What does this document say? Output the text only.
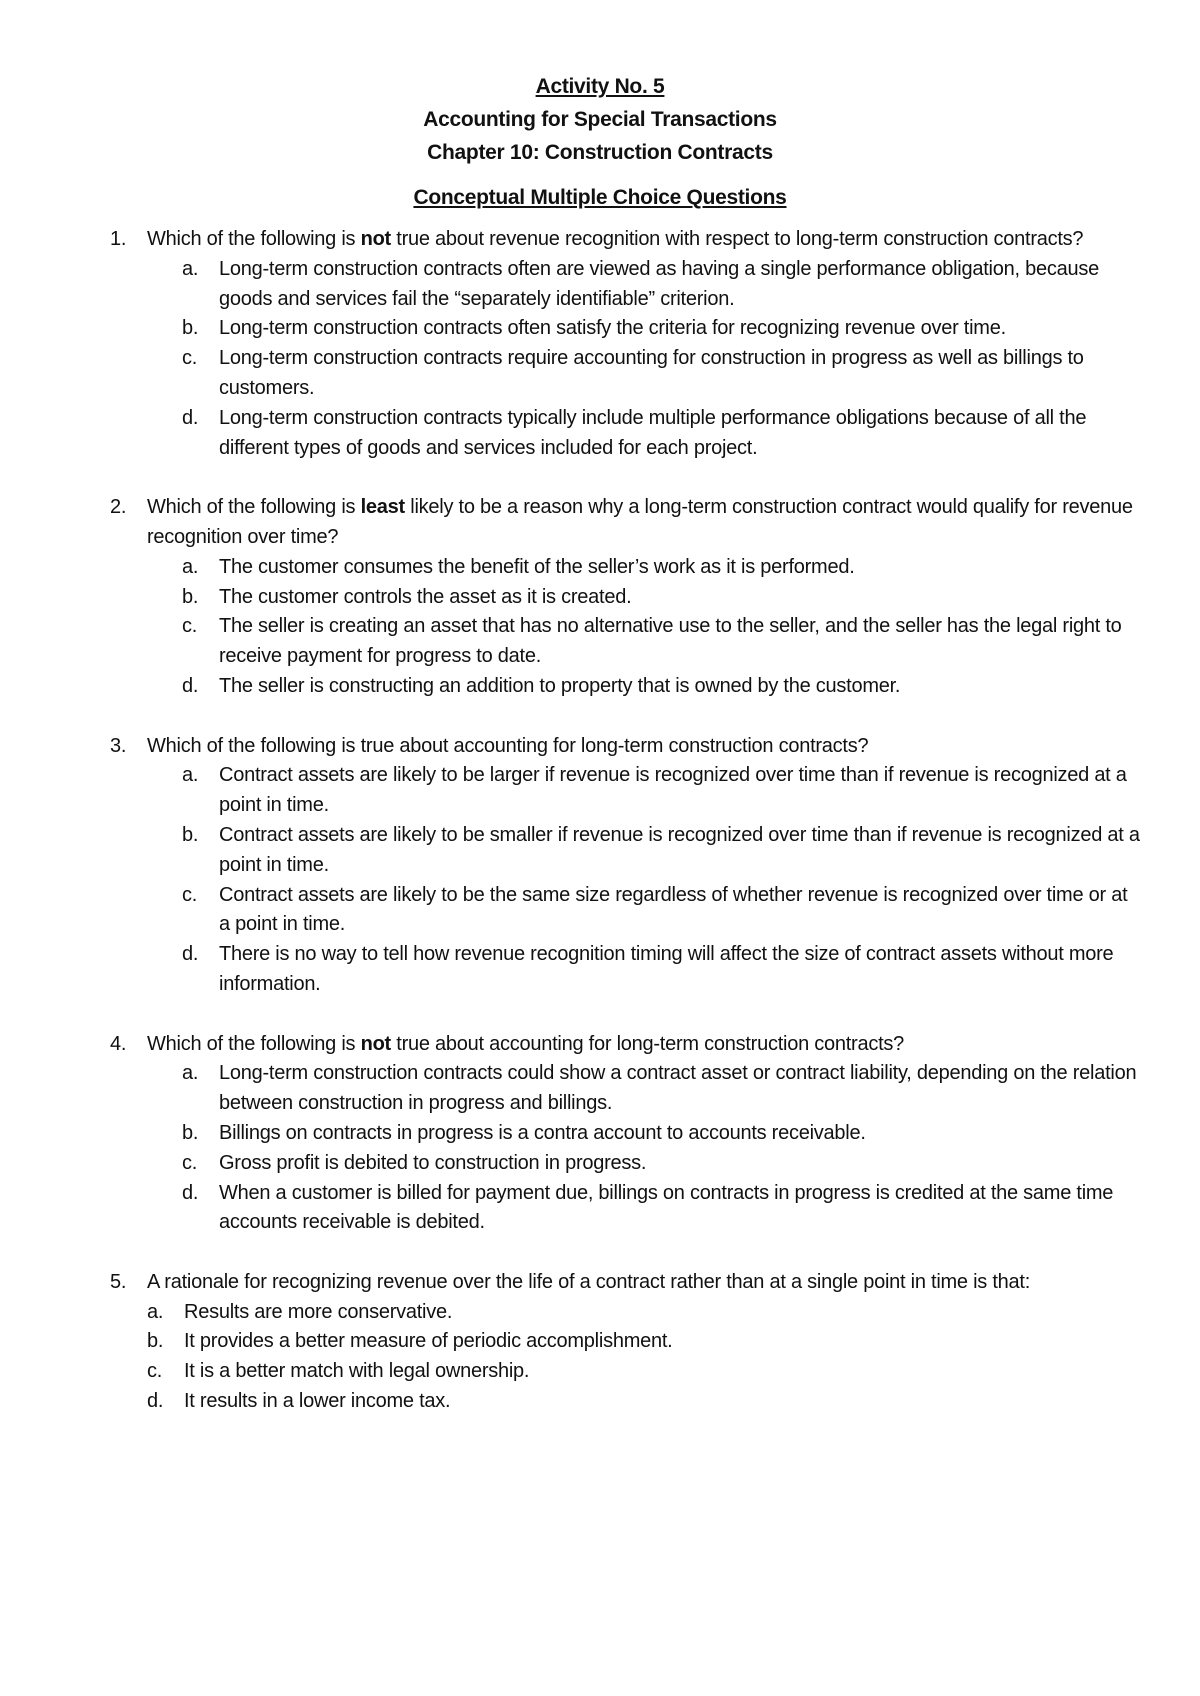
Activity No. 5

Accounting for Special Transactions

Chapter 10: Construction Contracts

Conceptual Multiple Choice Questions

1. Which of the following is not true about revenue recognition with respect to long-term construction contracts?
a. Long-term construction contracts often are viewed as having a single performance obligation, because goods and services fail the “separately identifiable” criterion.
b. Long-term construction contracts often satisfy the criteria for recognizing revenue over time.
c. Long-term construction contracts require accounting for construction in progress as well as billings to customers.
d. Long-term construction contracts typically include multiple performance obligations because of all the different types of goods and services included for each project.
2. Which of the following is least likely to be a reason why a long-term construction contract would qualify for revenue recognition over time?
a. The customer consumes the benefit of the seller’s work as it is performed.
b. The customer controls the asset as it is created.
c. The seller is creating an asset that has no alternative use to the seller, and the seller has the legal right to receive payment for progress to date.
d. The seller is constructing an addition to property that is owned by the customer.
3. Which of the following is true about accounting for long-term construction contracts?
a. Contract assets are likely to be larger if revenue is recognized over time than if revenue is recognized at a point in time.
b. Contract assets are likely to be smaller if revenue is recognized over time than if revenue is recognized at a point in time.
c. Contract assets are likely to be the same size regardless of whether revenue is recognized over time or at a point in time.
d. There is no way to tell how revenue recognition timing will affect the size of contract assets without more information.
4. Which of the following is not true about accounting for long-term construction contracts?
a. Long-term construction contracts could show a contract asset or contract liability, depending on the relation between construction in progress and billings.
b. Billings on contracts in progress is a contra account to accounts receivable.
c. Gross profit is debited to construction in progress.
d. When a customer is billed for payment due, billings on contracts in progress is credited at the same time accounts receivable is debited.
5. A rationale for recognizing revenue over the life of a contract rather than at a single point in time is that:
a. Results are more conservative.
b. It provides a better measure of periodic accomplishment.
c. It is a better match with legal ownership.
d. It results in a lower income tax.
